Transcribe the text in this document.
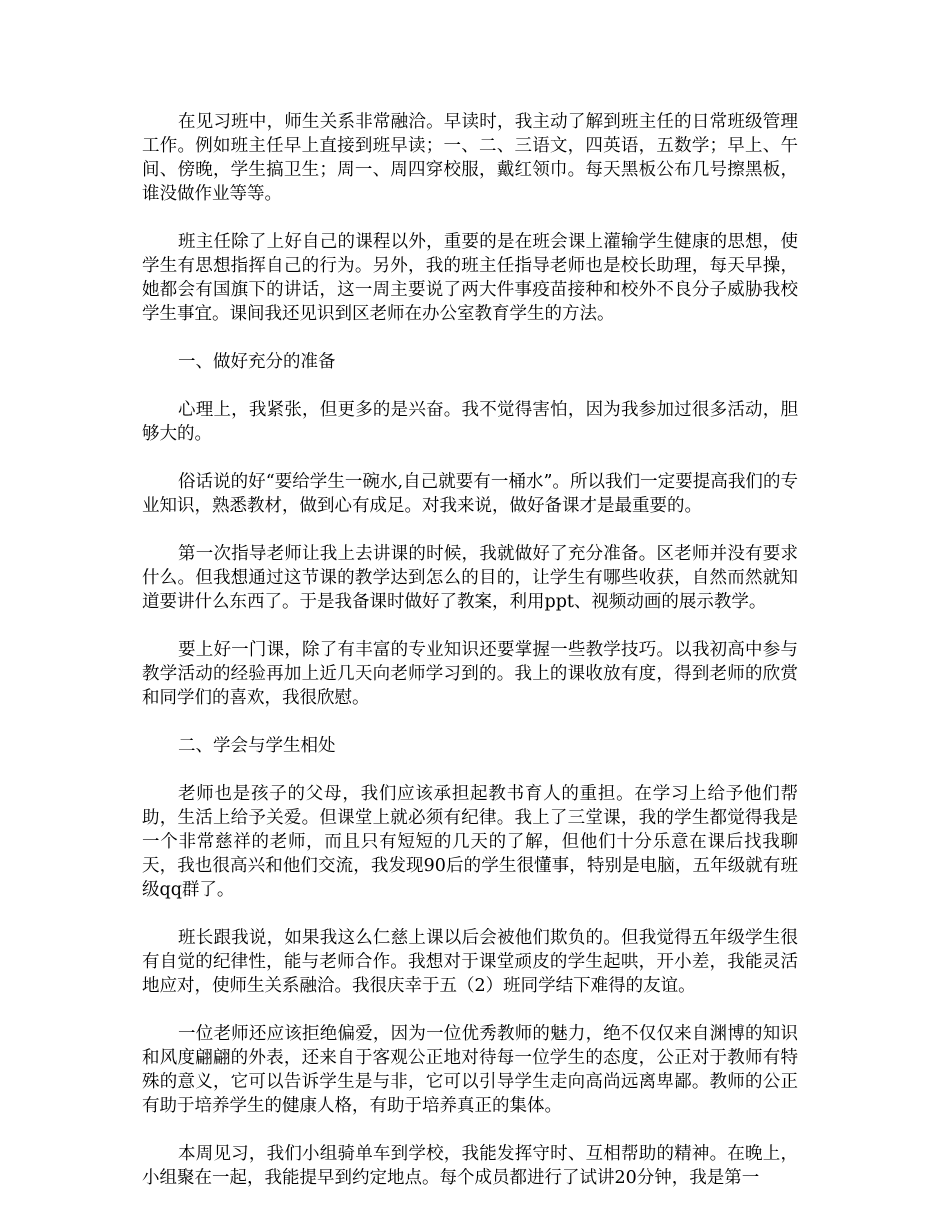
在见习班中，师生关系非常融洽。早读时，我主动了解到班主任的日常班级管理工作。例如班主任早上直接到班早读；一、二、三语文，四英语，五数学；早上、午间、傍晚，学生搞卫生；周一、周四穿校服，戴红领巾。每天黑板公布几号擦黑板，谁没做作业等等。

班主任除了上好自己的课程以外，重要的是在班会课上灌输学生健康的思想，使学生有思想指挥自己的行为。另外，我的班主任指导老师也是校长助理，每天早操，她都会有国旗下的讲话，这一周主要说了两大件事疫苗接种和校外不良分子威胁我校学生事宜。课间我还见识到区老师在办公室教育学生的方法。

一、做好充分的准备

心理上，我紧张，但更多的是兴奋。我不觉得害怕，因为我参加过很多活动，胆够大的。

俗话说的好“要给学生一碗水,自己就要有一桶水”。所以我们一定要提高我们的专业知识，熟悉教材，做到心有成足。对我来说，做好备课才是最重要的。

第一次指导老师让我上去讲课的时候，我就做好了充分准备。区老师并没有要求什么。但我想通过这节课的教学达到怎么的目的，让学生有哪些收获，自然而然就知道要讲什么东西了。于是我备课时做好了教案，利用ppt、视频动画的展示教学。

要上好一门课，除了有丰富的专业知识还要掌握一些教学技巧。以我初高中参与教学活动的经验再加上近几天向老师学习到的。我上的课收放有度，得到老师的欣赏和同学们的喜欢，我很欣慰。

二、学会与学生相处

老师也是孩子的父母，我们应该承担起教书育人的重担。在学习上给予他们帮助，生活上给予关爱。但课堂上就必须有纪律。我上了三堂课，我的学生都觉得我是一个非常慈祥的老师，而且只有短短的几天的了解，但他们十分乐意在课后找我聊天，我也很高兴和他们交流，我发现90后的学生很懂事，特别是电脑，五年级就有班级qq群了。

班长跟我说，如果我这么仁慈上课以后会被他们欺负的。但我觉得五年级学生很有自觉的纪律性，能与老师合作。我想对于课堂顽皮的学生起哄，开小差，我能灵活地应对，使师生关系融洽。我很庆幸于五（2）班同学结下难得的友谊。

一位老师还应该拒绝偏爱，因为一位优秀教师的魅力，绝不仅仅来自渊博的知识和风度翩翩的外表，还来自于客观公正地对待每一位学生的态度，公正对于教师有特殊的意义，它可以告诉学生是与非，它可以引导学生走向高尚远离卑鄙。教师的公正有助于培养学生的健康人格，有助于培养真正的集体。

本周见习，我们小组骑单车到学校，我能发挥守时、互相帮助的精神。在晚上，小组聚在一起，我能提早到约定地点。每个成员都进行了试讲20分钟，我是第一
